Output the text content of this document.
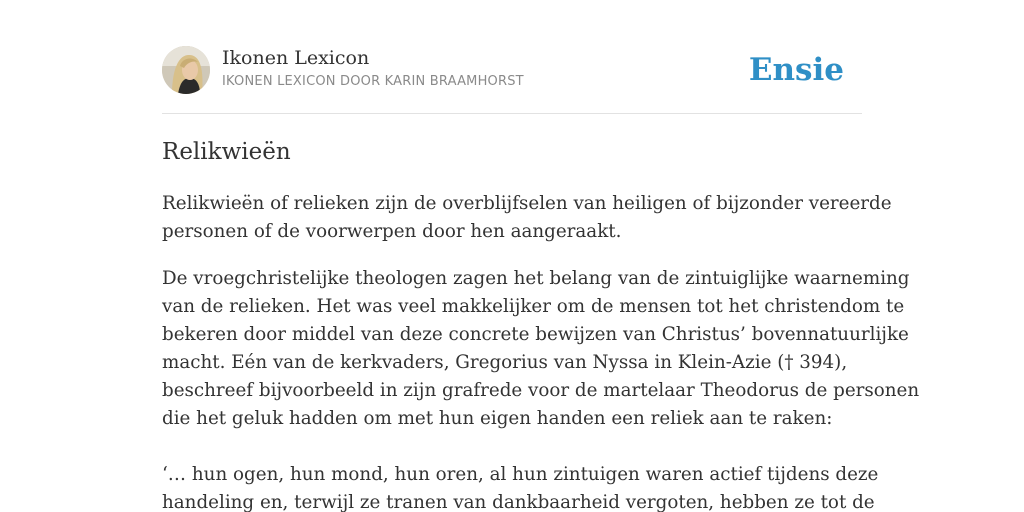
Ikonen Lexicon
IKONEN LEXICON DOOR KARIN BRAAMHORST	Ensie
Relikwieën
Relikwieën of relieken zijn de overblijfselen van heiligen of bijzonder vereerde
personen of de voorwerpen door hen aangeraakt.
De vroegchristelijke theologen zagen het belang van de zintuiglijke waarneming
van de relieken. Het was veel makkelijker om de mensen tot het christendom te
bekeren door middel van deze concrete bewijzen van Christus’ bovennatuurlijke
macht. Eén van de kerkvaders, Gregorius van Nyssa in Klein-Azie († 394),
beschreef bijvoorbeeld in zijn grafrede voor de martelaar Theodorus de personen
die het geluk hadden om met hun eigen handen een reliek aan te raken:
‘… hun ogen, hun mond, hun oren, al hun zintuigen waren actief tijdens deze
handeling en, terwijl ze tranen van dankbaarheid vergoten, hebben ze tot de
